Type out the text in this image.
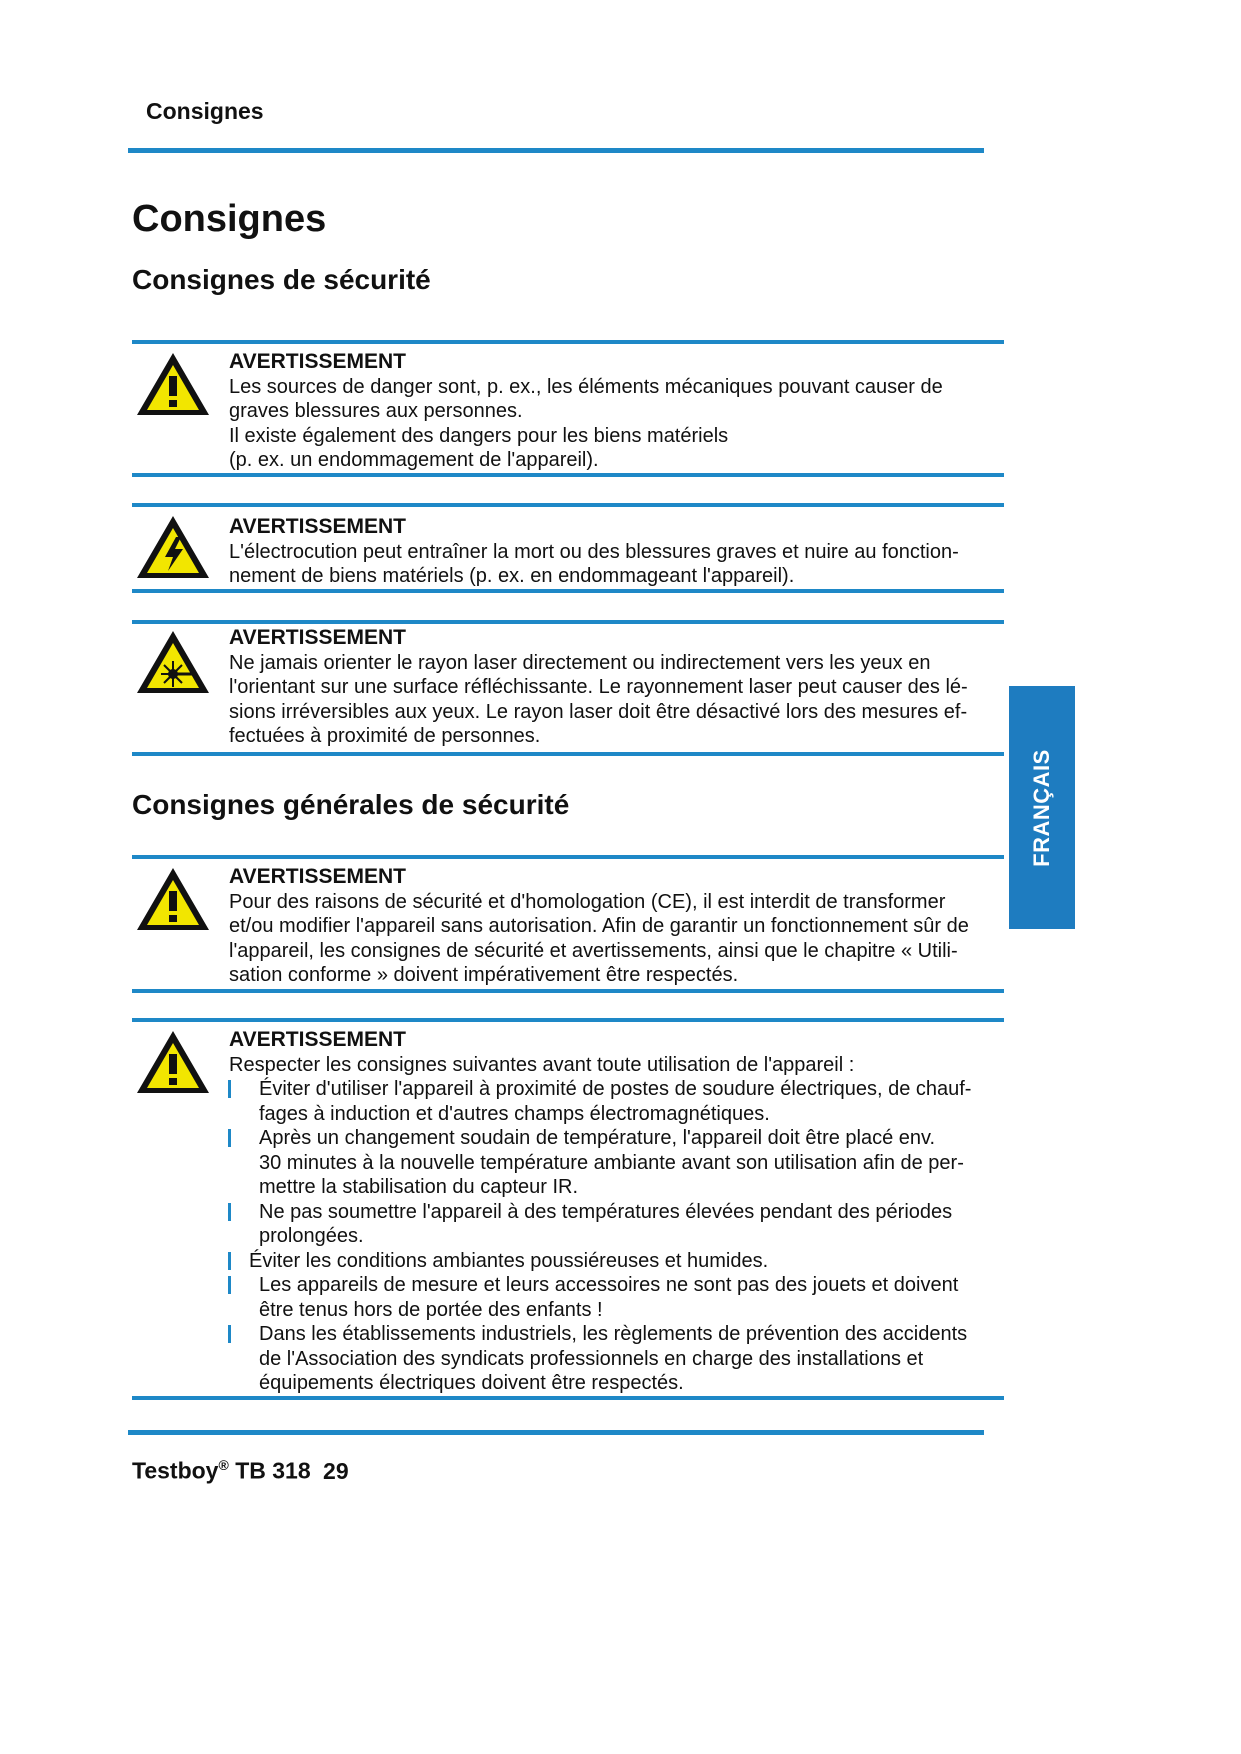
Consignes
Consignes
Consignes de sécurité
AVERTISSEMENT
Les sources de danger sont, p. ex., les éléments mécaniques pouvant causer de
graves blessures aux personnes.
Il existe également des dangers pour les biens matériels
(p. ex. un endommagement de l'appareil).
AVERTISSEMENT
L'électrocution peut entraîner la mort ou des blessures graves et nuire au fonction-
nement de biens matériels (p. ex. en endommageant l'appareil).
AVERTISSEMENT
Ne jamais orienter le rayon laser directement ou indirectement vers les yeux en
l'orientant sur une surface réfléchissante. Le rayonnement laser peut causer des lé-
sions irréversibles aux yeux. Le rayon laser doit être désactivé lors des mesures ef-
fectuées à proximité de personnes.
Consignes générales de sécurité
AVERTISSEMENT
Pour des raisons de sécurité et d'homologation (CE), il est interdit de transformer
et/ou modifier l'appareil sans autorisation. Afin de garantir un fonctionnement sûr de
l'appareil, les consignes de sécurité et avertissements, ainsi que le chapitre « Utili-
sation conforme » doivent impérativement être respectés.
AVERTISSEMENT
Respecter les consignes suivantes avant toute utilisation de l'appareil :
Éviter d'utiliser l'appareil à proximité de postes de soudure électriques, de chauf-
fages à induction et d'autres champs électromagnétiques.
Après un changement soudain de température, l'appareil doit être placé env.
30 minutes à la nouvelle température ambiante avant son utilisation afin de per-
mettre la stabilisation du capteur IR.
Ne pas soumettre l'appareil à des températures élevées pendant des périodes
prolongées.
Éviter les conditions ambiantes poussiéreuses et humides.
Les appareils de mesure et leurs accessoires ne sont pas des jouets et doivent
être tenus hors de portée des enfants !
Dans les établissements industriels, les règlements de prévention des accidents
de l'Association des syndicats professionnels en charge des installations et
équipements électriques doivent être respectés.
Testboy® TB 318 29
FRANÇAIS
